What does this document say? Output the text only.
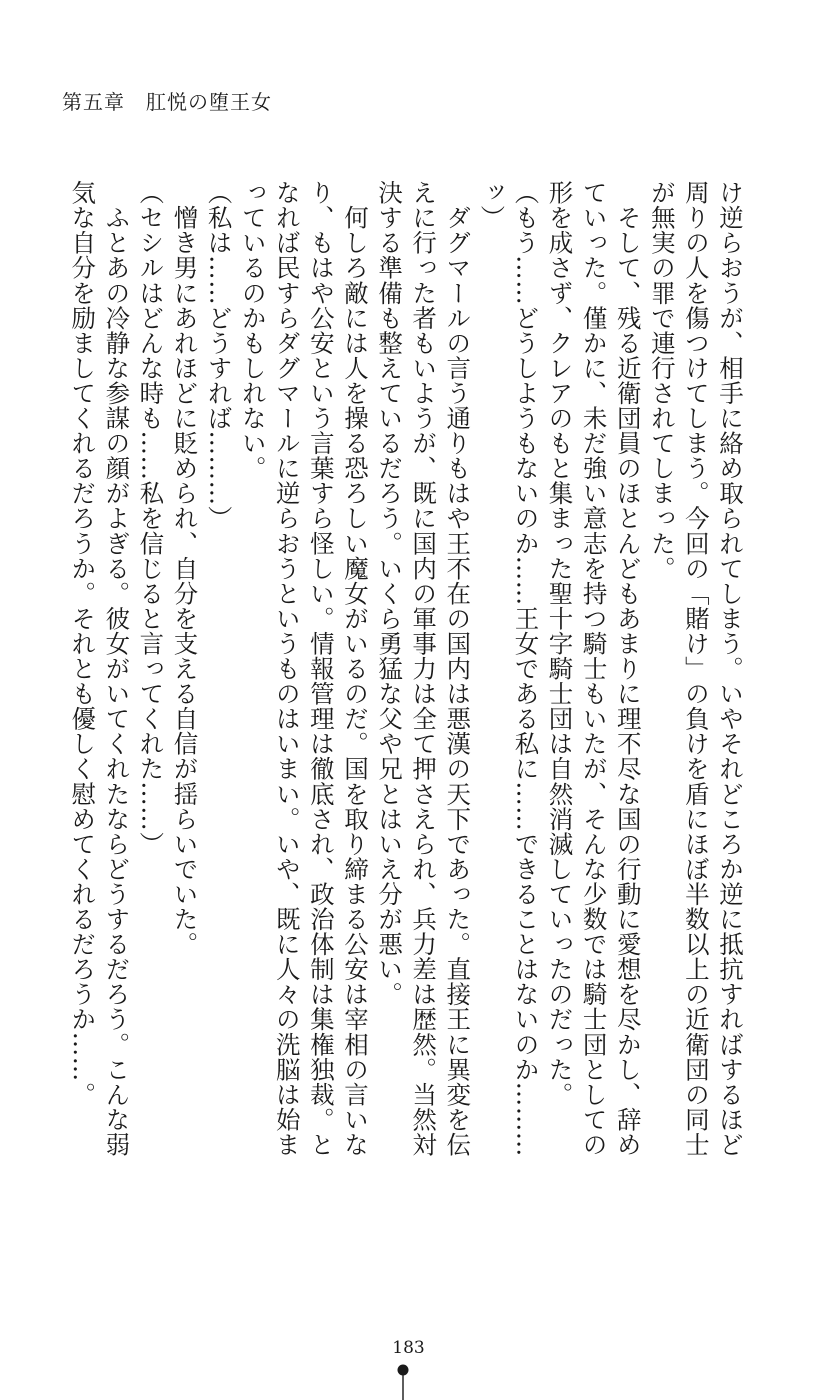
第五章　肛悦の堕王女

け逆らおうが、相手に絡め取られてしまう。いやそれどころか逆に抵抗すればするほど周りの人を傷つけてしまう。今回の「賭け」の負けを盾にほぼ半数以上の近衛団の同士が無実の罪で連行されてしまった。

　そして、残る近衛団員のほとんどもあまりに理不尽な国の行動に愛想を尽かし、辞めていった。僅かに、未だ強い意志を持つ騎士もいたが、そんな少数では騎士団としての形を成さず、クレアのもと集まった聖十字騎士団は自然消滅していったのだった。

（もう……どうしようもないのか……王女である私に……できることはないのか………ッ）

　ダグマールの言う通りもはや王不在の国内は悪漢の天下であった。直接王に異変を伝えに行った者もいようが、既に国内の軍事力は全て押さえられ、兵力差は歴然。当然対決する準備も整えているだろう。いくら勇猛な父や兄とはいえ分が悪い。

　何しろ敵には人を操る恐ろしい魔女がいるのだ。国を取り締まる公安は宰相の言いなり、もはや公安という言葉すら怪しい。情報管理は徹底され、政治体制は集権独裁。となれば民すらダグマールに逆らおうというものはいまい。いや、既に人々の洗脳は始まっているのかもしれない。

（私は……どうすれば………）

　憎き男にあれほどに貶められ、自分を支える自信が揺らいでいた。

（セシルはどんな時も……私を信じると言ってくれた……）

　ふとあの冷静な参謀の顔がよぎる。彼女がいてくれたならどうするだろう。こんな弱気な自分を励ましてくれるだろうか。それとも優しく慰めてくれるだろうか……。

183
